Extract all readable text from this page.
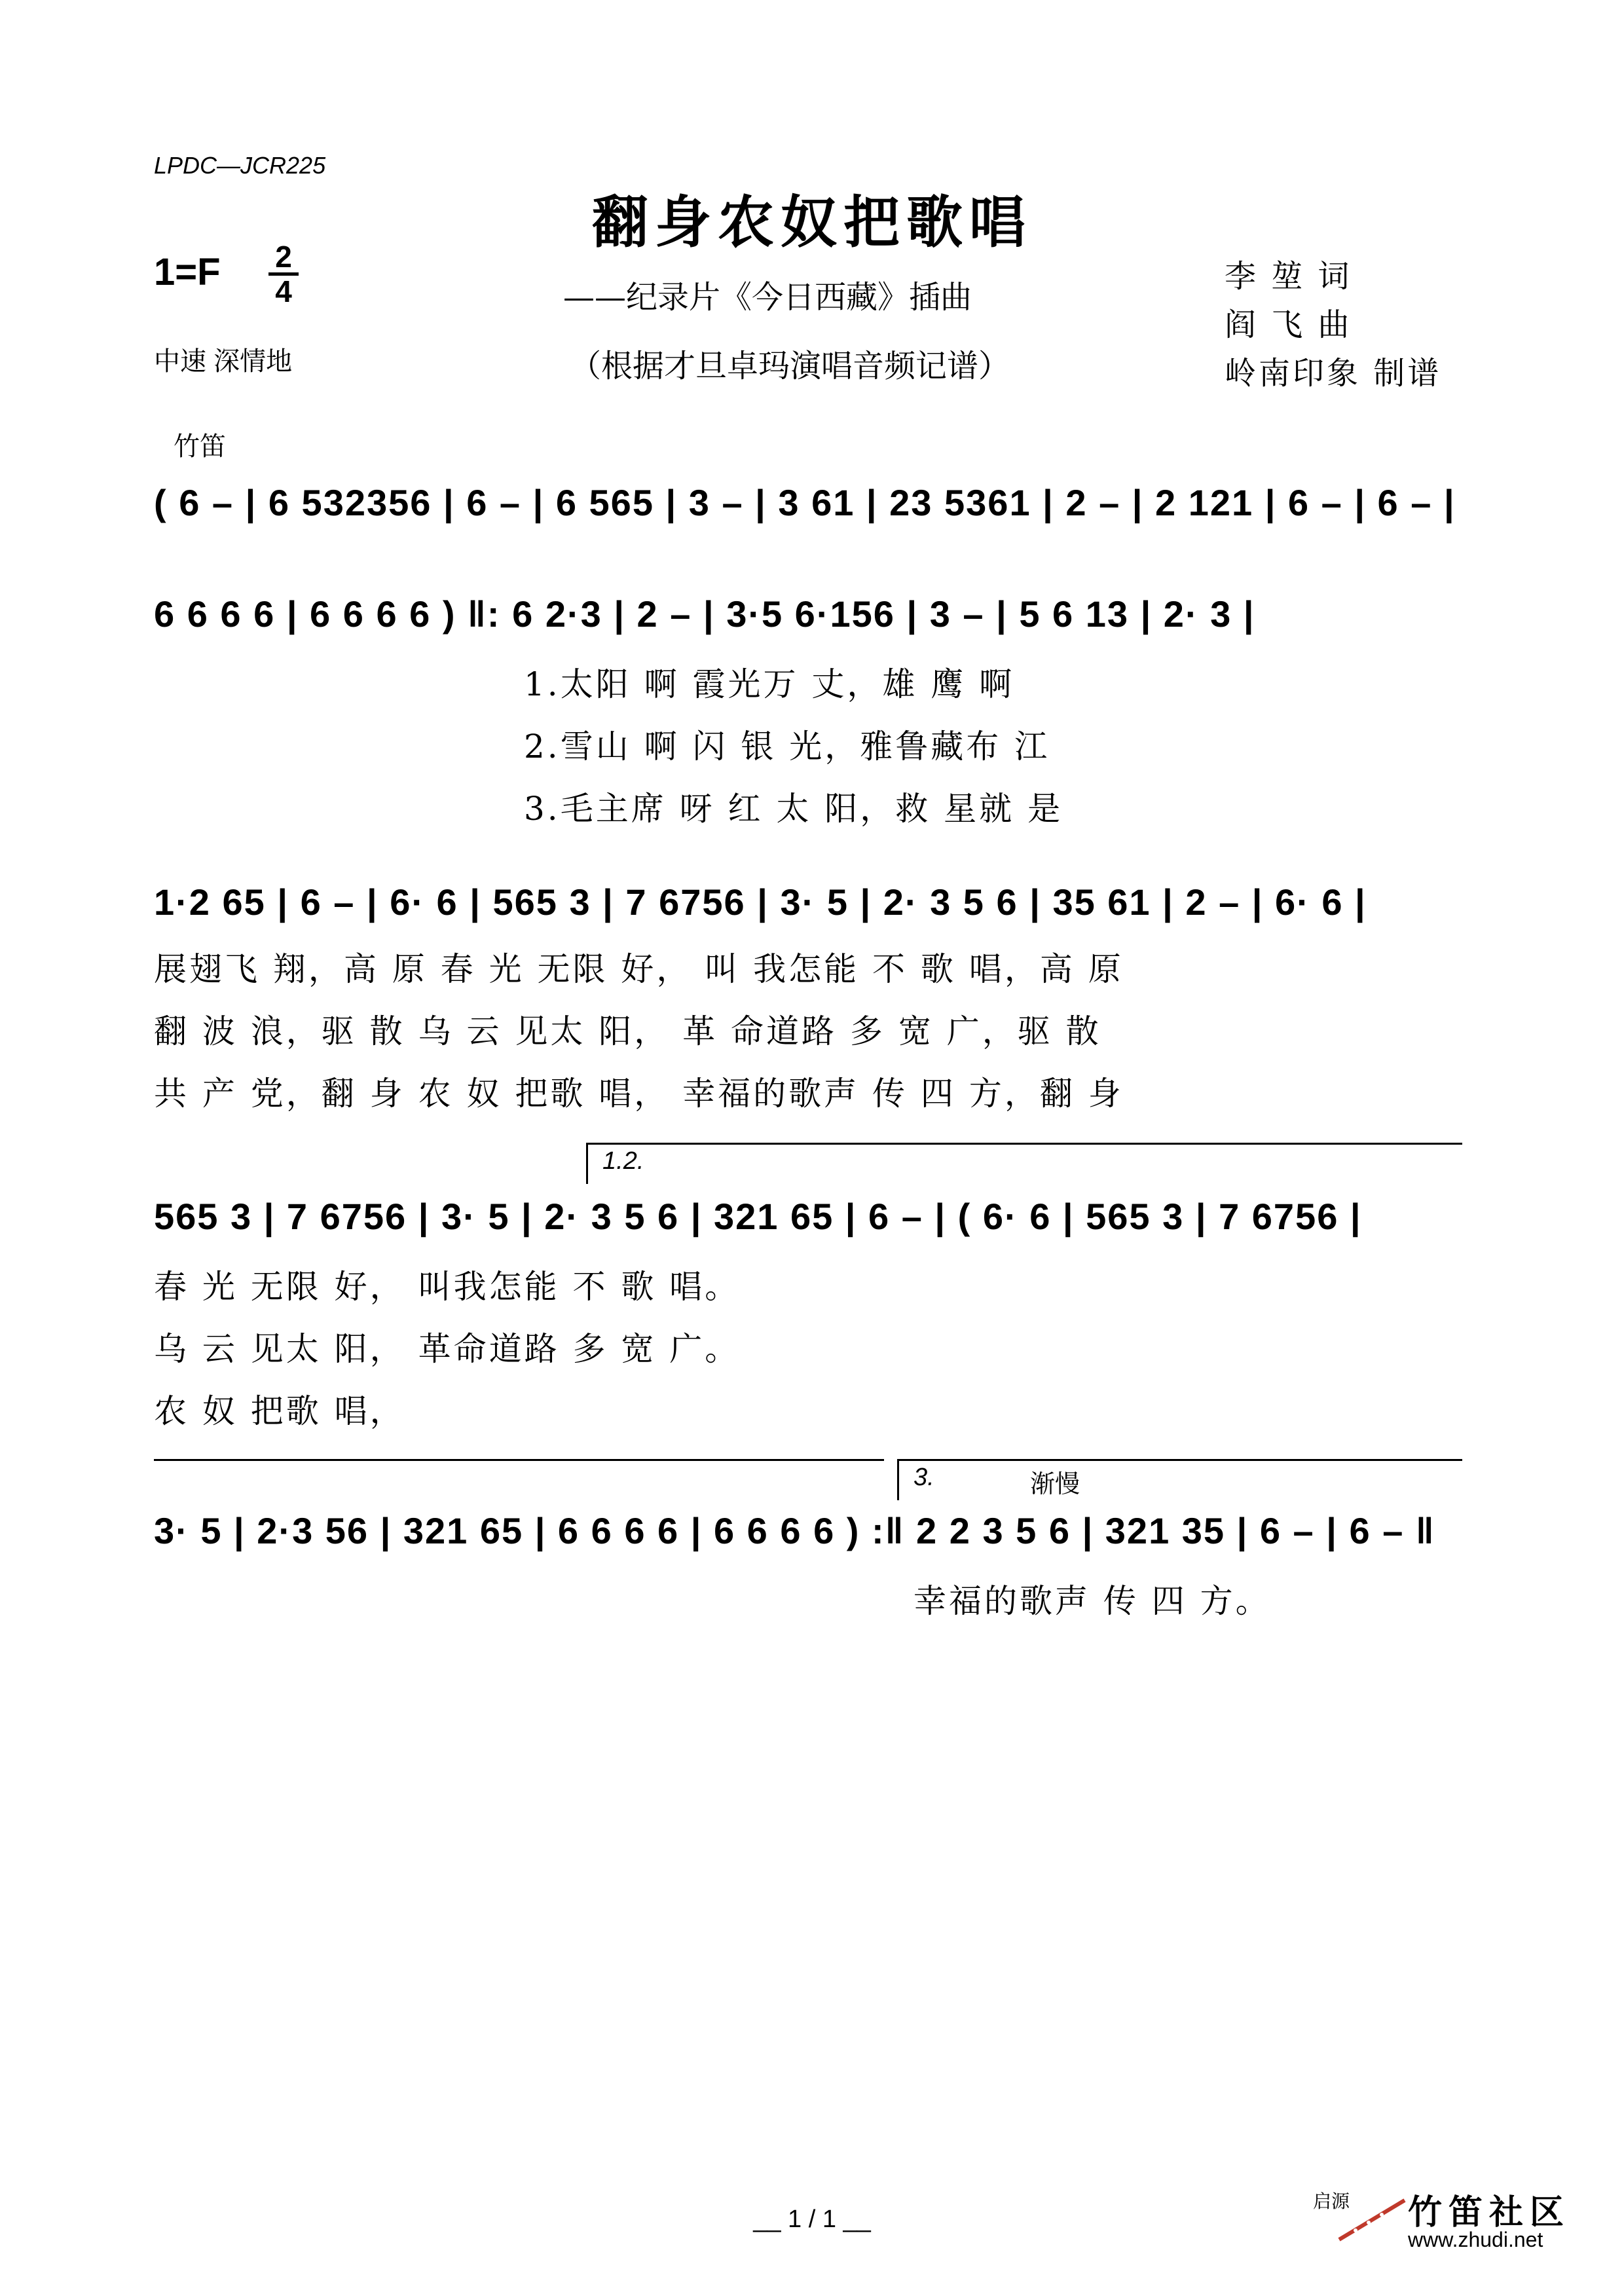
LPDC—JCR225
翻身农奴把歌唱
1=F 2
4
中速 深情地
——纪录片《今日西藏》插曲
（根据才旦卓玛演唱音频记谱）
李 堃 词
阎 飞 曲
岭南印象 制谱
竹笛
( 6 – | 6 532356 | 6 – | 6 565 | 3 – | 3 61 | 23 5361 | 2 – | 2 121 | 6 – | 6 – |
6 6 6 6 | 6 6 6 6 ) ‖: 6 2·3 | 2 – | 3·5 6·156 | 3 – | 5 6 13 | 2· 3 |
1.太阳 啊 霞光万 丈，雄 鹰 啊
2.雪山 啊 闪 银 光，雅鲁藏布 江
3.毛主席 呀 红 太 阳，救 星就 是
1·2 65 | 6 – | 6· 6 | 565 3 | 7 6756 | 3· 5 | 2· 3 5 6 | 35 61 | 2 – | 6· 6 |
展翅飞 翔，高 原 春 光 无限 好， 叫 我怎能 不 歌 唱，高 原
翻 波 浪，驱 散 乌 云 见太 阳， 革 命道路 多 宽 广，驱 散
共 产 党，翻 身 农 奴 把歌 唱， 幸福的歌声 传 四 方，翻 身
1.2.
565 3 | 7 6756 | 3· 5 | 2· 3 5 6 | 321 65 | 6 – | ( 6· 6 | 565 3 | 7 6756 |
春 光 无限 好， 叫我怎能 不 歌 唱。
乌 云 见太 阳， 革命道路 多 宽 广。
农 奴 把歌 唱，
3.	渐慢
3· 5 | 2·3 56 | 321 65 | 6 6 6 6 | 6 6 6 6 ) :‖ 2 2 3 5 6 | 321 35 | 6 – | 6 – ‖
幸福的歌声 传 四 方。
__ 1 / 1 __
启源 竹笛社区
www.zhudi.net
